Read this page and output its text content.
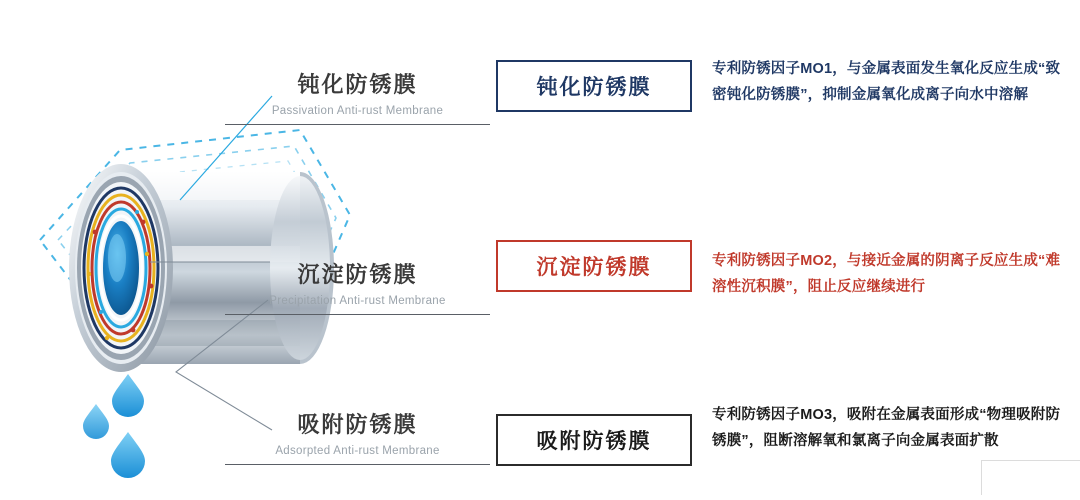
钝化防锈膜
Passivation Anti-rust Membrane
钝化防锈膜
专利防锈因子MO1，与金属表面发生氧化反应生成“致密钝化防锈膜”，抑制金属氧化成离子向水中溶解
沉淀防锈膜
Precipitation Anti-rust Membrane
沉淀防锈膜	专利防锈因子MO2，与接近金属的阴离子反应生成“难溶性沉积膜”，阻止反应继续进行
吸附防锈膜
Adsorpted Anti-rust Membrane	吸附防锈膜
专利防锈因子MO3，吸附在金属表面形成“物理吸附防锈膜”，阻断溶解氧和氯离子向金属表面扩散
